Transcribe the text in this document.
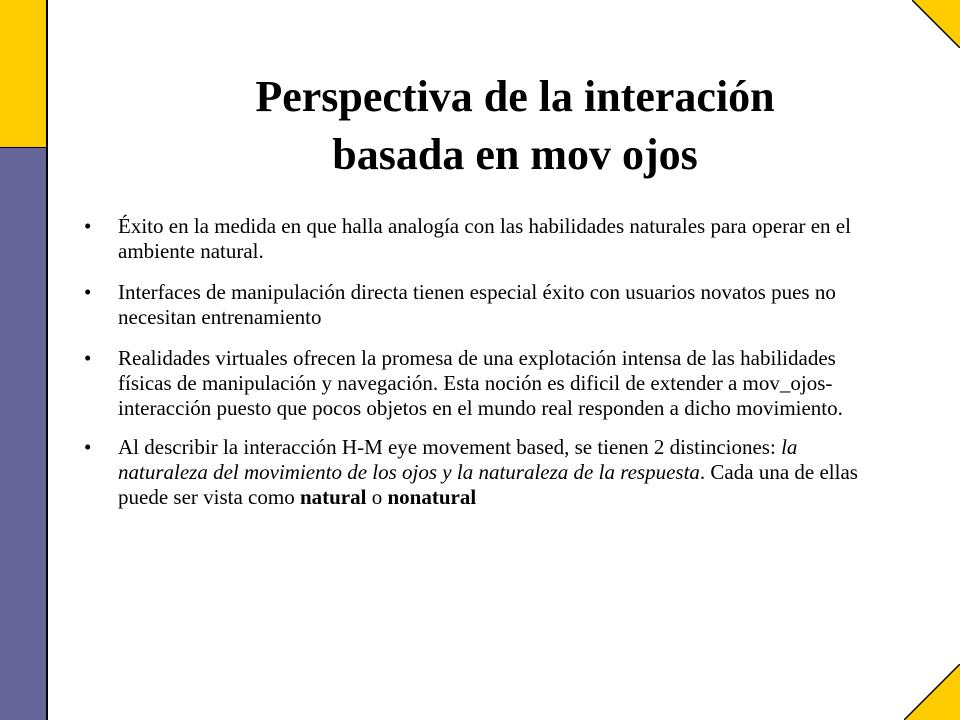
Perspectiva de la interación
basada en mov ojos
• Éxito en la medida en que halla analogía con las habilidades naturales para operar en el ambiente natural.
• Interfaces de manipulación directa tienen especial éxito con usuarios novatos pues no necesitan entrenamiento
• Realidades virtuales ofrecen la promesa de una explotación intensa de las habilidades físicas de manipulación y navegación. Esta noción es dificil de extender a mov_ojos-interacción puesto que pocos objetos en el mundo real responden a dicho movimiento.
• Al describir la interacción H-M eye movement based, se tienen 2 distinciones: la naturaleza del movimiento de los ojos y la naturaleza de la respuesta. Cada una de ellas puede ser vista como natural o nonatural
